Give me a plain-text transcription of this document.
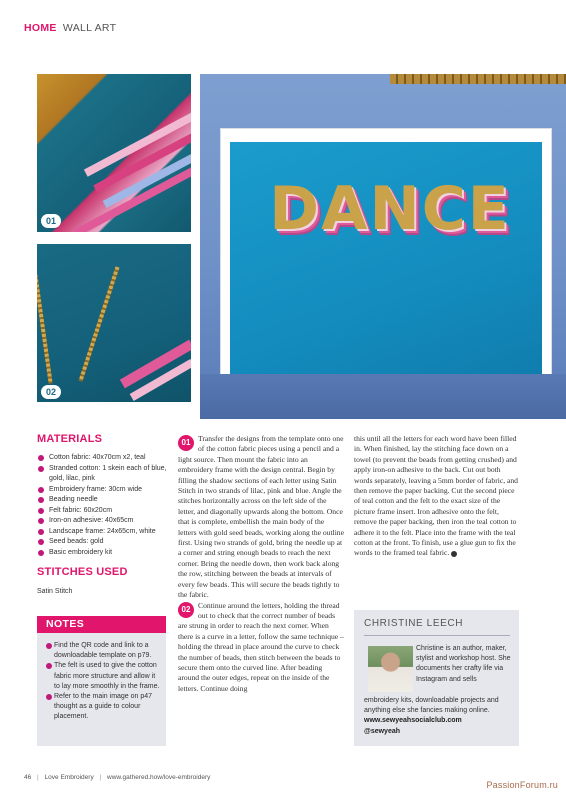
HOME WALL ART
01
02
DANCE
MATERIALS
Cotton fabric: 40x70cm x2, teal
Stranded cotton: 1 skein each of blue, gold, lilac, pink
Embroidery frame: 30cm wide
Beading needle
Felt fabric: 60x20cm
Iron-on adhesive: 40x65cm
Landscape frame: 24x65cm, white
Seed beads: gold
Basic embroidery kit
STITCHES USED
Satin Stitch
NOTES
Find the QR code and link to a downloadable template on p79.
The felt is used to give the cotton fabric more structure and allow it to lay more smoothly in the frame.
Refer to the main image on p47 thought as a guide to colour placement.

01 Transfer the designs from the template onto one of the cotton fabric pieces using a pencil and a light source. Then mount the fabric into an embroidery frame with the design central. Begin by filling the shadow sections of each letter using Satin Stitch in two strands of lilac, pink and blue. Angle the stitches horizontally across on the left side of the letter, and diagonally upwards along the bottom. Once that is complete, embellish the main body of the letters with gold seed beads, working along the outline first. Using two strands of gold, bring the needle up at a corner and string enough beads to reach the next corner. Bring the needle down, then work back along the row, stitching between the beads at intervals of every few beads. This will secure the beads tightly to the fabric.

02 Continue around the letters, holding the thread out to check that the correct number of beads are strung in order to reach the next corner. When there is a curve in a letter, follow the same technique – holding the thread in place around the curve to check the number of beads, then stitch between the beads to secure them onto the curved line. After beading around the outer edges, repeat on the inside of the letters. Continue doing

this until all the letters for each word have been filled in. When finished, lay the stitching face down on a towel (to prevent the beads from getting crushed) and apply iron-on adhesive to the back. Cut out both words separately, leaving a 5mm border of fabric, and then remove the paper backing. Cut the second piece of teal cotton and the felt to the exact size of the picture frame insert. Iron adhesive onto the felt, remove the paper backing, then iron the teal cotton to adhere it to the felt. Place into the frame with the teal cotton at the front. To finish, use a glue gun to fix the words to the framed teal fabric.

CHRISTINE LEECH
Christine is an author, maker, stylist and workshop host. She documents her crafty life via Instagram and sells
embroidery kits, downloadable projects and anything else she fancies making online.
www.sewyeahsocialclub.com
@sewyeah
46 | Love Embroidery | www.gathered.how/love-embroidery
PassionForum.ru
